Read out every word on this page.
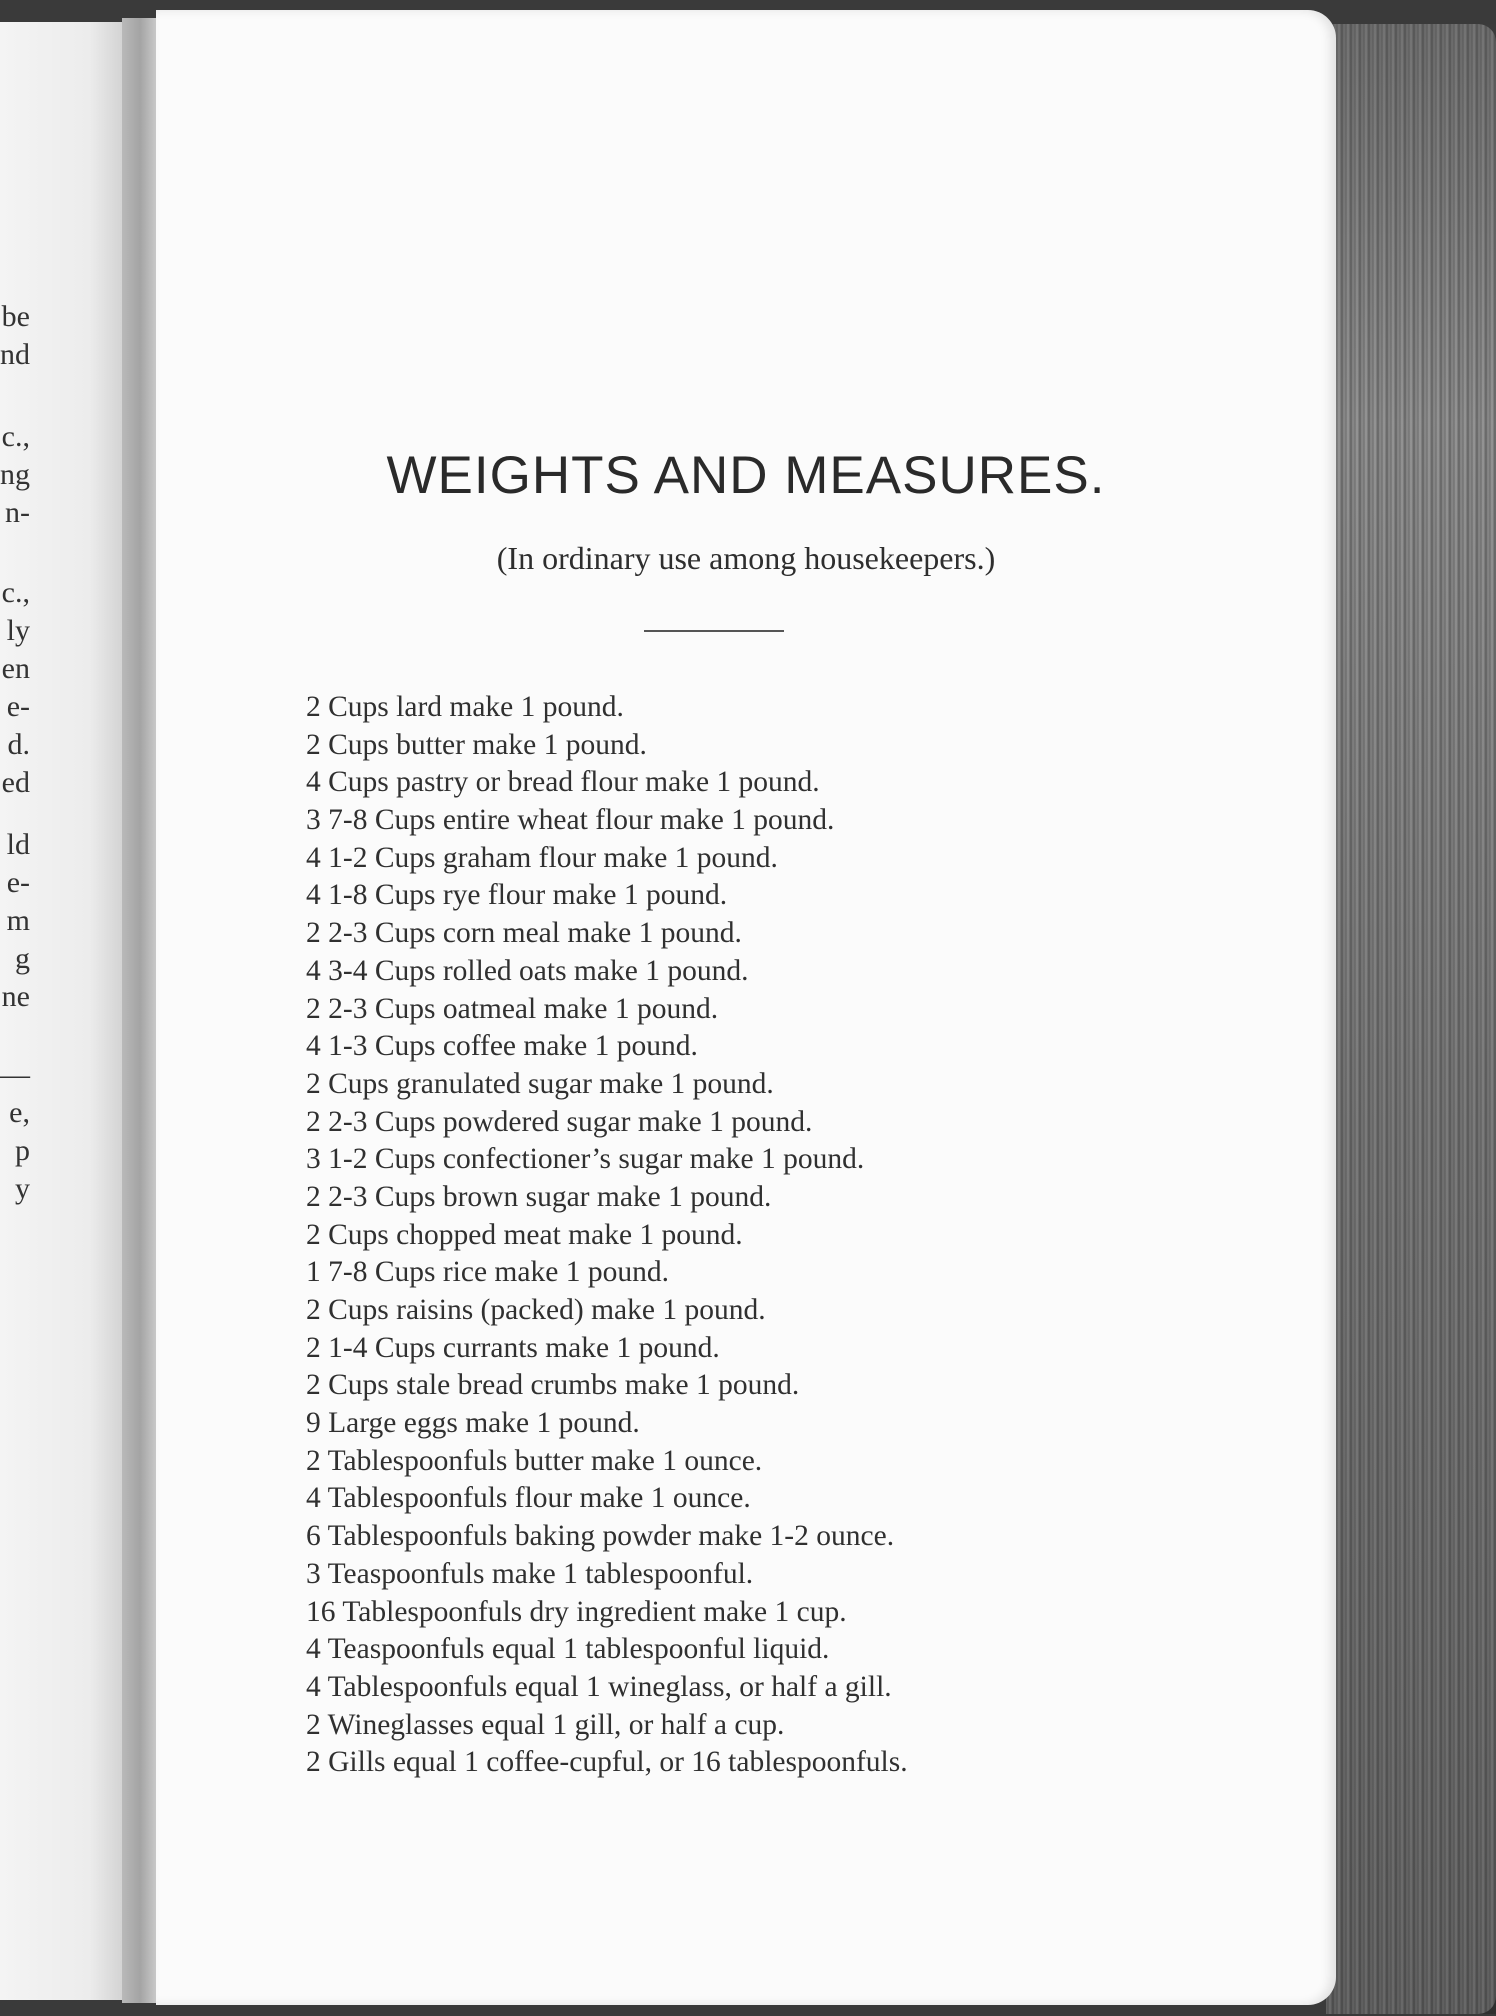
be
nd
c.,
ng
n-
c.,
ly
en
e-
d.
ed
ld
e-
m
g
ne
—
e,
p
y
WEIGHTS AND MEASURES.

(In ordinary use among housekeepers.)

2 Cups lard make 1 pound.
2 Cups butter make 1 pound.
4 Cups pastry or bread flour make 1 pound.
3 7-8 Cups entire wheat flour make 1 pound.
4 1-2 Cups graham flour make 1 pound.
4 1-8 Cups rye flour make 1 pound.
2 2-3 Cups corn meal make 1 pound.
4 3-4 Cups rolled oats make 1 pound.
2 2-3 Cups oatmeal make 1 pound.
4 1-3 Cups coffee make 1 pound.
2 Cups granulated sugar make 1 pound.
2 2-3 Cups powdered sugar make 1 pound.
3 1-2 Cups confectioner’s sugar make 1 pound.
2 2-3 Cups brown sugar make 1 pound.
2 Cups chopped meat make 1 pound.
1 7-8 Cups rice make 1 pound.
2 Cups raisins (packed) make 1 pound.
2 1-4 Cups currants make 1 pound.
2 Cups stale bread crumbs make 1 pound.
9 Large eggs make 1 pound.
2 Tablespoonfuls butter make 1 ounce.
4 Tablespoonfuls flour make 1 ounce.
6 Tablespoonfuls baking powder make 1-2 ounce.
3 Teaspoonfuls make 1 tablespoonful.
16 Tablespoonfuls dry ingredient make 1 cup.
4 Teaspoonfuls equal 1 tablespoonful liquid.
4 Tablespoonfuls equal 1 wineglass, or half a gill.
2 Wineglasses equal 1 gill, or half a cup.
2 Gills equal 1 coffee-cupful, or 16 tablespoonfuls.
